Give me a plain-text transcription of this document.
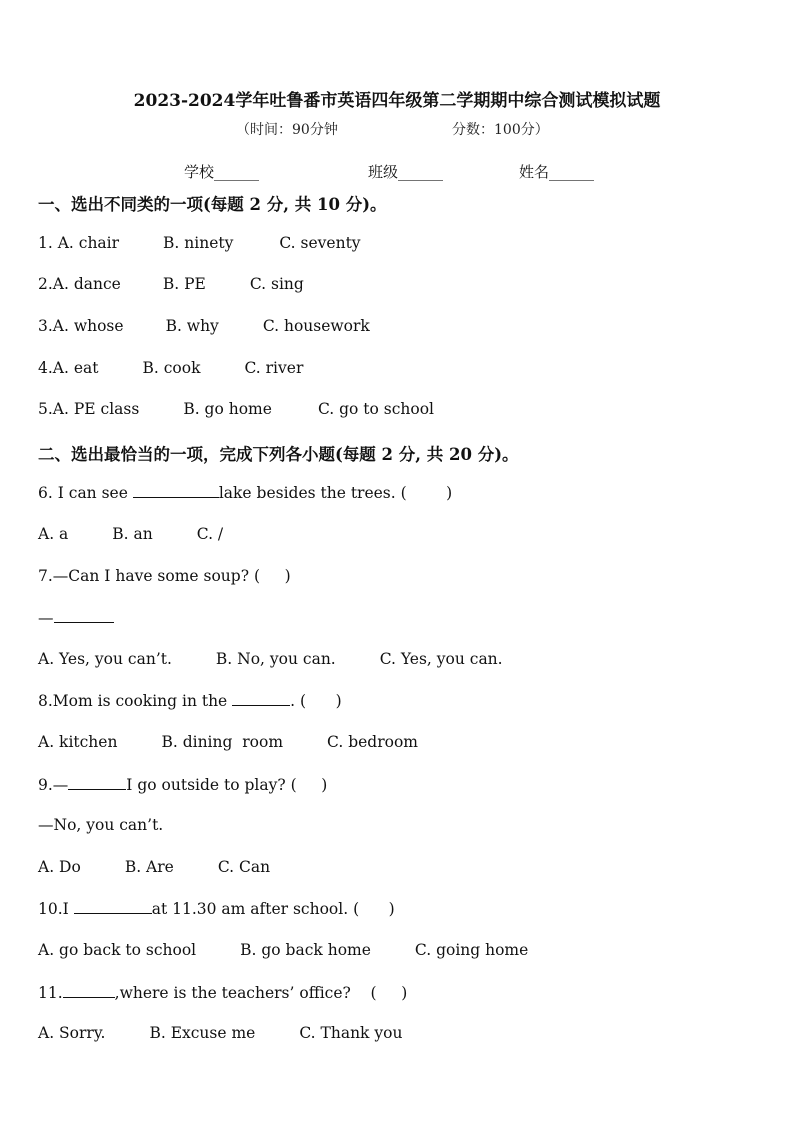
2023-2024学年吐鲁番市英语四年级第二学期期中综合测试模拟试题
（时间：90分钟	分数：100分）
学校______	班级______	姓名______
一、选出不同类的一项(每题 2 分, 共 10 分)。
1. A. chair	B. ninety	C. seventy
2.A. dance	B. PE	C. sing
3.A. whose	B. why	C. housework
4.A. eat	B. cook	C. river
5.A. PE class	B. go home	C. go to school
二、选出最恰当的一项，完成下列各小题(每题 2 分, 共 20 分)。
6. I can see	lake besides the trees. (        )
A. a	B. an	C. /
7.—Can I have some soup? (     )
—
A. Yes, you can’t.	B. No, you can.	C. Yes, you can.
8.Mom is cooking in the	. (      )
A. kitchen	B. dining  room	C. bedroom
9.—	I go outside to play? (     )
—No, you can’t.
A. Do	B. Are	C. Can
10.I	at 11.30 am after school. (      )
A. go back to school	B. go back home	C. going home
11.	,where is the teachers’ office?    (     )
A. Sorry.	B. Excuse me	C. Thank you
